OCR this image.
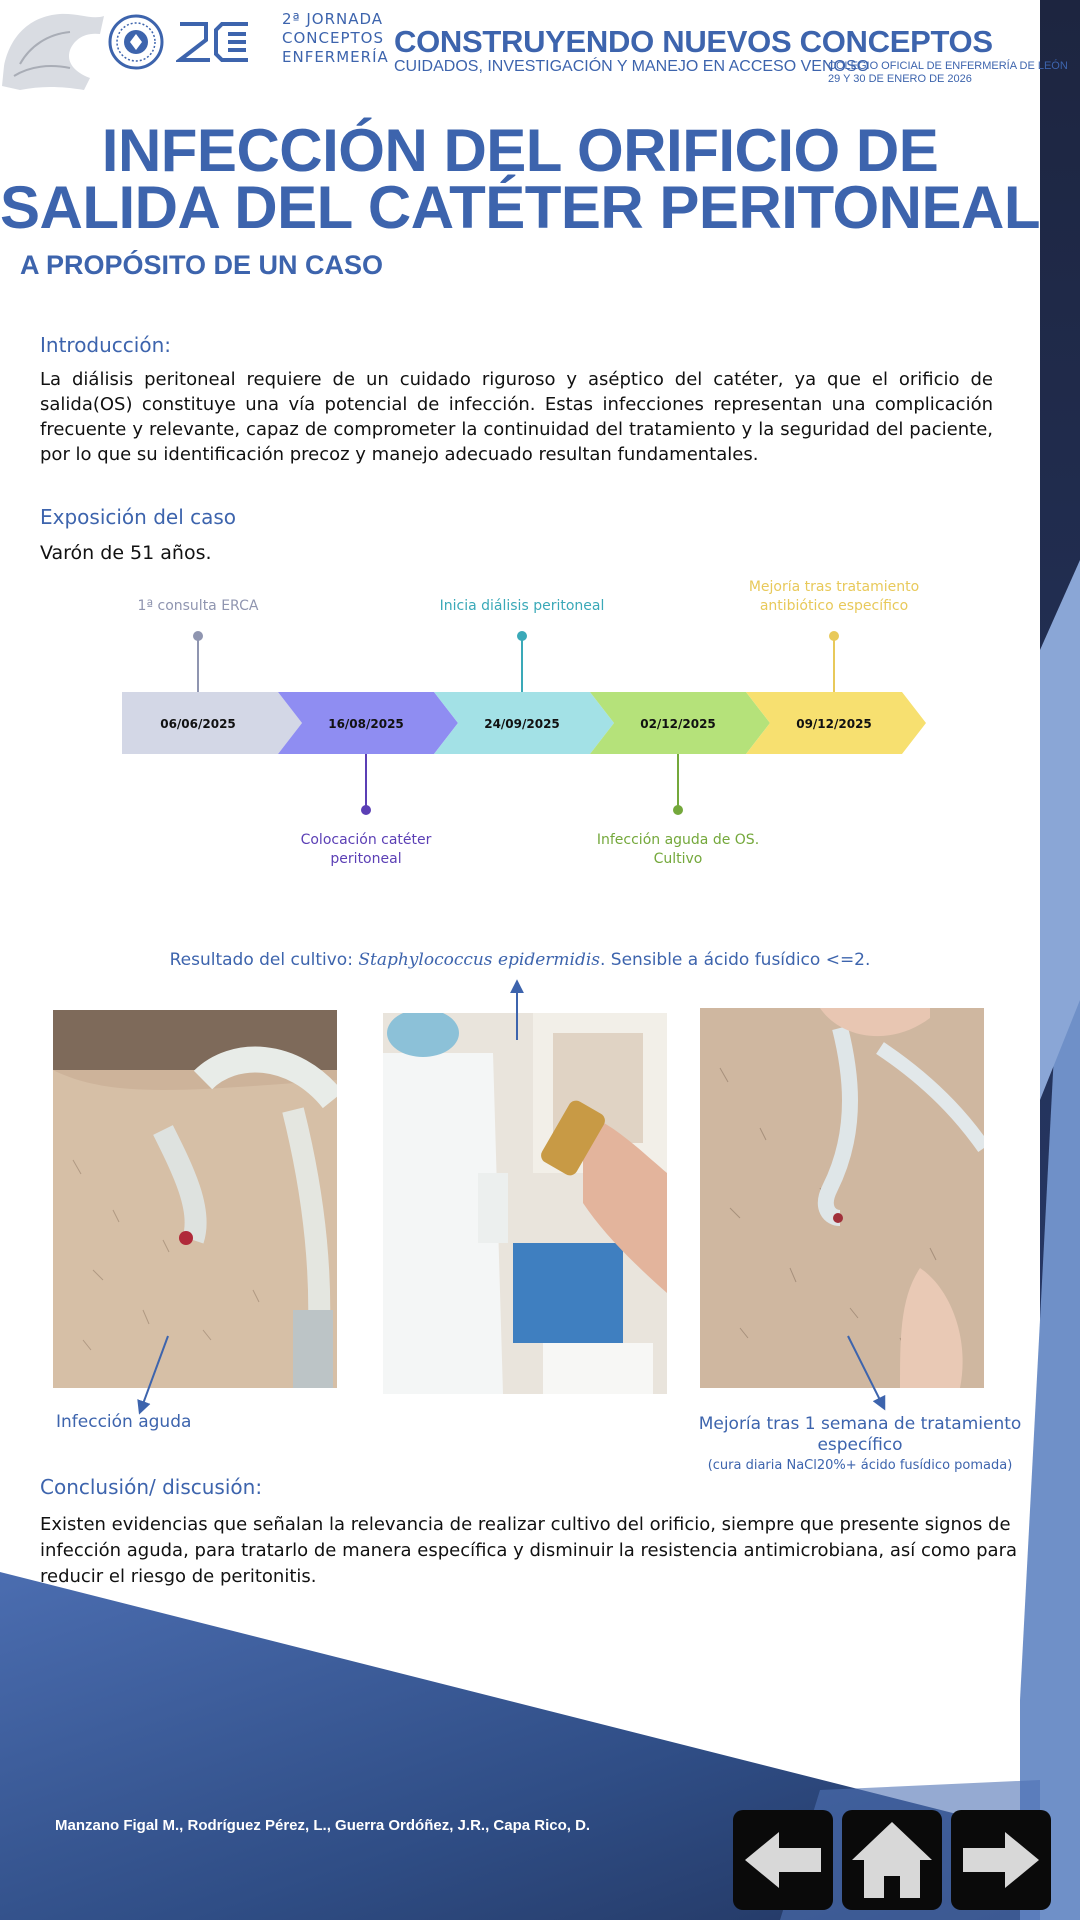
2ª JORNADA
CONCEPTOS
ENFERMERÍA CONSTRUYENDO NUEVOS CONCEPTOS
CUIDADOS, INVESTIGACIÓN Y MANEJO EN ACCESO VENOSO
COLEGIO OFICIAL DE ENFERMERÍA DE LEÓN
29 Y 30 DE ENERO DE 2026
INFECCIÓN DEL ORIFICIO DE
SALIDA DEL CATÉTER PERITONEAL
A PROPÓSITO DE UN CASO
Introducción:
La diálisis peritoneal requiere de un cuidado riguroso y aséptico del catéter, ya que el orificio de salida(OS) constituye una vía potencial de infección. Estas infecciones representan una complicación frecuente y relevante, capaz de comprometer la continuidad del tratamiento y la seguridad del paciente, por lo que su identificación precoz y manejo adecuado resultan fundamentales.
Exposición del caso
Varón de 51 años.
06/06/2025
1ª consulta ERCA
16/08/2025
Colocación catéter
peritoneal
24/09/2025
Inicia diálisis peritoneal
02/12/2025
Infección aguda de OS.
Cultivo
09/12/2025
Mejoría tras tratamiento
antibiótico específico
Resultado del cultivo: Staphylococcus epidermidis. Sensible a ácido fusídico <=2.
Infección aguda	Mejoría tras 1 semana de tratamiento específico
(cura diaria NaCl20%+ ácido fusídico pomada)
Conclusión/ discusión:
Existen evidencias que señalan la relevancia de realizar cultivo del orificio, siempre que presente signos de infección aguda, para tratarlo de manera específica y disminuir la resistencia antimicrobiana, así como para reducir el riesgo de peritonitis.
Manzano Figal M., Rodríguez Pérez, L., Guerra Ordóñez, J.R., Capa Rico, D.
